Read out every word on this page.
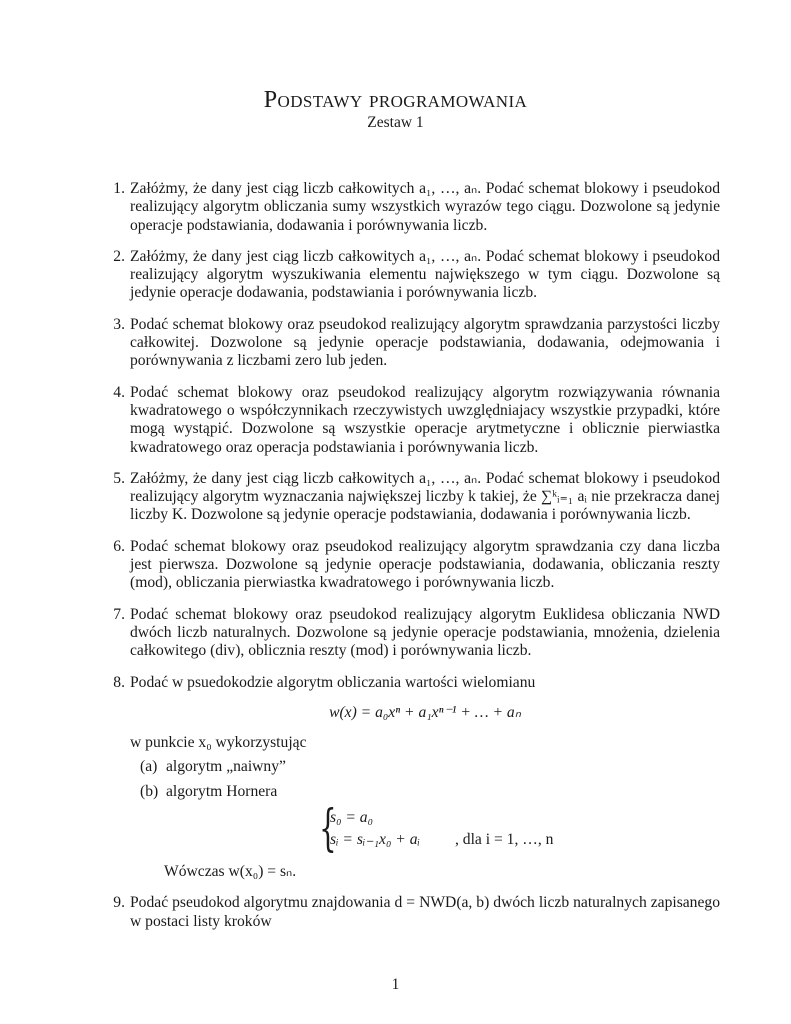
Podstawy programowania
Zestaw 1
1. Załóżmy, że dany jest ciąg liczb całkowitych a₁, …, aₙ. Podać schemat blokowy i pseudokod realizujący algorytm obliczania sumy wszystkich wyrazów tego ciągu. Dozwolone są jedynie operacje podstawiania, dodawania i porównywania liczb.
2. Załóżmy, że dany jest ciąg liczb całkowitych a₁, …, aₙ. Podać schemat blokowy i pseudokod realizujący algorytm wyszukiwania elementu największego w tym ciągu. Dozwolone są jedynie operacje dodawania, podstawiania i porównywania liczb.
3. Podać schemat blokowy oraz pseudokod realizujący algorytm sprawdzania parzystości liczby całkowitej. Dozwolone są jedynie operacje podstawiania, dodawania, odejmowania i porównywania z liczbami zero lub jeden.
4. Podać schemat blokowy oraz pseudokod realizujący algorytm rozwiązywania równania kwadratowego o współczynnikach rzeczywistych uwzględniajacy wszystkie przypadki, które mogą wystąpić. Dozwolone są wszystkie operacje arytmetyczne i oblicznie pierwiastka kwadratowego oraz operacja podstawiania i porównywania liczb.
5. Załóżmy, że dany jest ciąg liczb całkowitych a₁, …, aₙ. Podać schemat blokowy i pseudokod realizujący algorytm wyznaczania największej liczby k takiej, że ∑ᵏᵢ₌₁ aᵢ nie przekracza danej liczby K. Dozwolone są jedynie operacje podstawiania, dodawania i porównywania liczb.
6. Podać schemat blokowy oraz pseudokod realizujący algorytm sprawdzania czy dana liczba jest pierwsza. Dozwolone są jedynie operacje podstawiania, dodawania, obliczania reszty (mod), obliczania pierwiastka kwadratowego i porównywania liczb.
7. Podać schemat blokowy oraz pseudokod realizujący algorytm Euklidesa obliczania NWD dwóch liczb naturalnych. Dozwolone są jedynie operacje podstawiania, mnożenia, dzielenia całkowitego (div), oblicznia reszty (mod) i porównywania liczb.
8. Podać w psuedokodzie algorytm obliczania wartości wielomianu
w(x) = a₀xⁿ + a₁xⁿ⁻¹ + … + aₙ
w punkcie x₀ wykorzystując
(a) algorytm „naiwny”
(b) algorytm Hornera
{
s₀ = a₀
sᵢ = sᵢ₋₁x₀ + aᵢ , dla i = 1, …, n
Wówczas w(x₀) = sₙ.
9. Podać pseudokod algorytmu znajdowania d = NWD(a, b) dwóch liczb naturalnych zapisanego w postaci listy kroków
1
